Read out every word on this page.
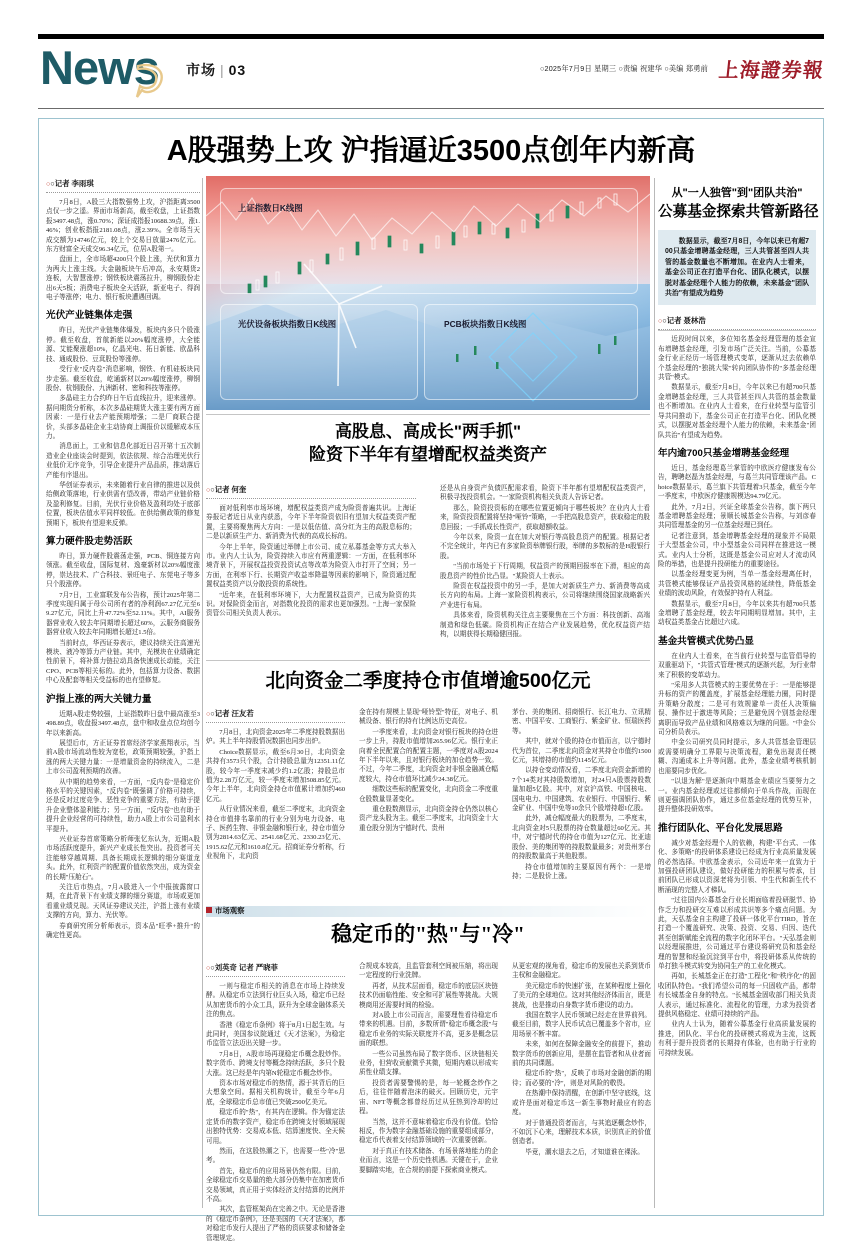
News 市场 | 03	○2025年7月9日 星期三 ○责编 祝建华 ○美编 郑勇前 上海證券報
A股强势上攻 沪指逼近3500点创年内新高
○○记者 李雨琪

7月8日，A股三大指数强势上攻，沪指距离3500点仅一步之遥。界面市场新高，截至收盘，上证指数报3497.48点，涨0.70%；深证成指报10688.39点，涨1.46%；创业板指报2181.08点，涨2.39%。全市场当天成交额为14746亿元，较上个交易日放量2476亿元。东方财富全天成交96.34亿元，位居A股第一。

盘面上，全市场超4200只个股上涨，光伏和算力为两大上涨主线。大金融板块午后冲高，永安期货2连板，大智慧涨停；钢铁板块震荡拉升，柳钢股份走出6天5板；消费电子板块全天活跃，新亚电子、得润电子等涨停；电力、银行板块遭遇回调。

光伏产业链集体走强

昨日，光伏产业链集体爆发，板块内多只个股涨停。截至收盘，首航新能以20%幅度涨停，大全能源、艾能聚涨超10%，亿晶光电、拓日新能、欧晶科技、通威股份、豆萁股份等涨停。

受行业"反内卷"消息影响，钢铁、有机硅板块同步走强。截至收盘，屹通新材以20%幅度涨停，柳钢股份、杭钢股份、九洲新材、密和科技等涨停。

多晶硅主力合约昨日午后直线拉升，迎来涨停。据问期货分析称，本次多晶硅期货大涨主要有两方面因素：一是行业去产能预期增强；二是厂商联合提价，头部多晶硅企业主动协商上调报价以缓解成本压力。

消息面上，工业和信息化部近日召开第十五次制造业企业座谈会时提到，依法依规、综合治理光伏行业低价无序竞争，引导企业提升产品品质，推动落后产能有序退出。

华创证券表示，未来随着行业自律的推进以及供给侧政策落地，行业供需有望改善，带动产业链价格及盈利修复。目前，光伏行业价格及盈利均处于底部位置，板块估值水平同样较低。在供给侧政策的修复预期下，板块有望迎来反弹。

算力硬件股走势活跃

昨日，算力硬件股震荡走强，PCB、铜连接方向领涨。截至收盘，国际复材、逸豪新材以20%幅度涨停，崇达技术、广合科技、景旺电子、东莞电子等多只个股涨停。

7月7日，工业富联发布公告称，预计2025年第二季度实现归属于母公司所有者的净利润67.27亿元至69.27亿元，同比上升47.72%至52.11%。其中，AI服务器营业收入较去年同期增长超过60%，云服务商服务器营业收入较去年同期增长超过1.5倍。

当前时点，华西证券表示，建议持续关注高速光模块、液冷等算力产业链。其中，光模块在业绩确定性前景下，将补算力链拉动具备快速成长动能，关注CPO、PCB等相关标的。此外，包括算力设备、数据中心及配套等相关受益标的也有望修复。

沪指上涨的两大关键力量

近期A股走势较强，上证指数昨日盘中最高涨至3498.89点，收盘报3497.48点，盘中和收盘点位均创今年以来新高。

展望后市，方正证券首席经济学家燕翔表示，当前A股市场流动性较为宽松，政策预期较强，沪指上涨的两大关键力量：一是增量资金的持续流入，二是上市公司盈利预期的改善。

从中期的趋势来看，一方面，"反内卷"是稳定价格水平的关键因素，"反内卷"既强调了价格可持续，还是反对过度竞争、恶性竞争的重要方法，有助于提升企业整体盈利能力；另一方面，"反内卷"也有助于提升企业经营的可持续性，助力A股上市公司盈利水平提升。

兴业证券首席策略分析师张忆东认为，近期A股市场活跃度提升，新兴产业成长性突出。投资者可关注能够穿越周期、具备长期成长逻辑的细分赛道龙头。此外，红利资产的配置价值依然突出，成为资金的长期"压舱石"。

关注后市热点，7月A股进入一个中报披露窗口期，在此背景下有业绩支撑的细分赛道，市场或更加看重业绩兑现。天风证券建议关注，沪指上涨有业绩支撑的方向，算力、光伏等。

券商研究所分析师表示，资本品"旺季+推升"的确定性更高。

上证指数日K线图
光伏设备板块指数日K线图	PCB板块指数日K线图
高股息、高成长"两手抓"
险资下半年有望增配权益类资产
○○记者 何奎

面对低利率市场环境，增配权益类资产成为险资普遍共识。上海证券报记者近日从业内获悉，今年下半年险资依旧有望加大权益类资产配置，主要将聚焦两大方向：一是以低估值、高分红为主的高股息标的；二是以新质生产力、新消费为代表的高成长标的。

今年上半年，险资通过举牌上市公司、成立私募基金等方式大举入市。业内人士认为，险资持续入市应有两重逻辑：一方面，在低利率环境背景下，开展权益投资投资试点等改革为险资入市打开了空间；另一方面，在利率下行、长期资产收益率降温等因素的影响下，险资通过配置权益类资产以分散投资的系统性。

"近年来，在低利率环境下，大力配置权益资产，已成为险资的共识。对保险资金而言，对指数化投资的需求也更加强烈。"上海一家保险资管公司相关负责人表示。

还是从自身资产负债匹配需求看，险资下半年都有望增配权益类资产，积极寻找投资机会。"一家险资机构相关负责人告诉记者。

那么，险资投资标的在哪些位置更倾向于哪些板块？在业内人士看来，险资投资配置将坚持"哑铃"策略，一手把高股息资产，获取稳定的股息回报；一手抓成长性资产，获取超额收益。

今年以来，险资一直在加大对银行等高股息资产的配置。根据记者不完全统计，年内已有多家险资举牌银行股，举牌的多数标的是H股银行股。

"当前市场处于下行周期，权益资产的预期回报率在下滑，相应的高股息资产的性价比凸显。"某险资人士表示。

险资在权益投资中的另一手，是加大对新质生产力、新消费等高成长方向的布局。上海一家险资机构表示，公司将继续围绕国家战略新兴产业进行布局。

具体来看，险资机构关注点主要聚焦在三个方面：科技创新、高端制造和绿色低碳。险资机构正在结合产业发展趋势，优化权益资产结构，以期获得长期稳健回报。

北向资金二季度持仓市值增逾500亿元
○○记者 汪友若

7月8日，北向资金2025年二季度持股数据出炉。其上半年持股情况数据也同步出炉。

Choice数据显示，截至6月30日，北向资金共持有3573只个股，合计持股总量为12351.11亿股，较今年一季度末减少约1.2亿股；持股总市值为2.28万亿元，较一季度末增加508.85亿元。今年上半年，北向资金持仓市值累计增加约460亿元。

从行业情况来看，截至二季度末，北向资金持仓市值排名靠前的行业分别为电力设备、电子、医药生物、非银金融和银行业，持仓市值分别为2814.63亿元、2541.68亿元、2330.23亿元、1915.62亿元和1610.8亿元。招商证券分析称，行业视角下，北向资

金在持有规模上显现"哑铃型"特征，对电子、机械设备、银行的持有比例达历史高位。

一季度来看，北向资金对银行板块的持仓进一步上升，持股市值增加265.96亿元。银行业正向着全民配置合的配置主题，一季度对A股2024年下半年以来，且对银行板块的加仓趋势一致。不过，今年二季度，北向资金对非银金融减仓幅度较大，持仓市值环比减少24.38亿元。

细数这些标的配置变化，北向资金二季度重仓股数量显著变化。

重仓股数测显示，北向资金持仓仍然以核心资产龙头股为主。截至二季度末，北向资金十大重仓股分别为宁德时代、贵州

茅台、美的集团、招商银行、长江电力、立讯精密、中国平安、工商银行、紫金矿业、恒瑞医药等。

其中，就对个股的持仓市值而言，以宁德时代为首位，二季度北向资金对其持仓市值约1500亿元，其增持的市值约1145亿元。

以持仓变动情况看，二季度北向资金新增的7个14类对其持股数增加，对24只A股票持股数量加超5亿股。其中，对京沪高铁、中国核电、国电电力、中国建筑、农业银行、中国银行、紫金矿业、中国中免等10余只个股增持超1亿股。

此外，减仓幅度最大的股票为，二季度末，北向资金对5只股票的持仓数量超过60亿元。其中，对宁德时代的持仓市值为127亿元、比亚迪股份、美的集团等的持股数量最多；对贵州茅台的持股数量高于其他股票。

持仓市值增加的主要原因有两个：一是增持；二是股价上涨。

市场观察
稳定币的"热"与"冷"
○○刘英奇 记者 严晓菲

一则与稳定币相关的消息在市场上持续发酵。从稳定币立法到行业巨头入场，稳定币已经从加密货币的小众工具，跃升为全球金融体系关注的焦点。

香港《稳定币条例》将于8月1日起生效。与此同时，美国参议院通过《天才法案》，为稳定币监管立法迈出关键一步。

7月8日，A股市场再现稳定币概念股炒作。数字货币、跨境支付等概念持续活跃，多只个股大涨。这已经是年内第N轮稳定币概念炒作。

资本市场对稳定币的热情，源于其背后的巨大想象空间。据相关机构统计，截至今年6月底，全球稳定币总市值已突破2500亿美元。

稳定币的"热"，有其内在逻辑。作为锚定法定货币的数字资产，稳定币在跨境支付领域展现出独特优势：交易成本低、结算速度快、全天候可用。

然而，在这股热潮之下，也需要一些"冷"思考。

首先，稳定币的应用场景仍然有限。目前，全球稳定币交易量的绝大部分仍集中在加密货币交易领域，真正用于实体经济支付结算的比例并不高。

其次，监管框架尚在完善之中。无论是香港的《稳定币条例》，还是美国的《天才法案》，都对稳定币发行人提出了严格的资质要求和储备金管理规定。

合规成本较高，且监管套利空间被压缩，将出现一定程度的行业洗牌。

再者，从技术层面看，稳定币的底层区块链技术仍面临性能、安全和可扩展性等挑战。大规模商用还需要时间的检验。

对A股上市公司而言，需要理性看待稳定币带来的机遇。目前，多数所谓"稳定币概念股"与稳定币业务的实际关联度并不高，更多是概念层面的联想。

一些公司虽然布局了数字货币、区块链相关业务，但营收贡献微乎其微，短期内难以形成实质性业绩支撑。

投资者需要警惕的是，每一轮概念炒作之后，往往伴随着泡沫的破灭。回顾历史，元宇宙、NFT等概念都曾经历过从狂热到冷却的过程。

当然，这并不意味着稳定币没有价值。恰恰相反，作为数字金融基础设施的重要组成部分，稳定币代表着支付结算领域的一次重要创新。

对于真正有技术储备、有场景落地能力的企业而言，这是一个历史性机遇。关键在于，企业要脚踏实地，在合规的前提下探索商业模式。

从更宏观的视角看，稳定币的发展也关系到货币主权和金融稳定。

美元稳定币的快速扩张，在某种程度上强化了美元的全球地位。这对其他经济体而言，既是挑战，也是推动自身数字货币建设的动力。

我国在数字人民币领域已经走在世界前列。截至目前，数字人民币试点已覆盖多个省市，应用场景不断丰富。

未来，如何在保障金融安全的前提下，推动数字货币的创新应用，是摆在监管者和从业者面前的共同课题。

稳定币的"热"，反映了市场对金融创新的期待；而必要的"冷"，则是对风险的敬畏。

在热潮中保持清醒，在创新中坚守底线，这或许是面对稳定币这一新生事物时最应有的态度。

对于普通投资者而言，与其追逐概念炒作，不如沉下心来，理解技术本质，识别真正的价值创造者。

毕竟，潮水退去之后，才知道谁在裸泳。

从"一人独管"到"团队共治"
公募基金探索共管新路径

数据显示，截至7月8日，今年以来已有超700只基金增聘基金经理，三人共管甚至四人共管的基金数量也不断增加。在业内人士看来，基金公司正在打造平台化、团队化模式，以摆脱对基金经理个人能力的依赖，未来基金"团队共治"有望成为趋势

○○记者 聂林浩

近段时间以来，多位知名基金经理管理的基金宣布增聘基金经理，引发市场广泛关注。当前，公募基金行业正经历一场管理模式变革，逐渐从过去依赖单个基金经理的"独挑大梁"转向团队协作的"多基金经理共管"模式。

数据显示，截至7月8日，今年以来已有超700只基金增聘基金经理，三人共管甚至四人共管的基金数量也不断增加。在业内人士看来，在行业转型与监管引导共同推动下，基金公司正在打造平台化、团队化模式，以摆脱对基金经理个人能力的依赖，未来基金"团队共治"有望成为趋势。

年内逾700只基金增聘基金经理

近日，基金经理葛兰掌管的中欧医疗健康发布公告，聘聘赵磊为基金经理，与葛兰共同管理该产品。Choice数据显示，葛兰旗下共管理着3只基金，截至今年一季度末，中欧医疗健康规模达94.79亿元。

此外，7月2日，兴证全球基金公告称，旗下两只基金增聘基金经理；景顺长城基金公告称，与刘彦春共同管理基金的另一位基金经理已到任。

记者注意到，基金增聘基金经理的现象并不局限于大型基金公司，中小型基金公司同样在推进这一模式。业内人士分析，这既是基金公司应对人才流动风险的举措，也是提升投研能力的重要途径。

以基金经理变更为例，当单一基金经理离任时，共管模式能够保证产品投资风格的延续性，降低基金业绩的波动风险，有效保护持有人利益。

数据显示，截至7月8日，今年以来共有超700只基金增聘了基金经理，较去年同期明显增加。其中，主动权益类基金占比超过六成。

基金共管模式优势凸显

在业内人士看来，在当前行业转型与监管倡导的双重驱动下，"共管式管理"模式的逐渐兴起，为行业带来了积极的变革动力。

"采用多人共管模式的主要优势在于：一是能够提升标的资产的覆盖度，扩展基金经理能力圈，同时提升策略分散度；二是可有效规避单一责任人决策偏误、操作过于激进等风险；三是避免因个别基金经理离职而导致产品业绩和风格难以为继的问题。"中金公司分析员表示。

中金公司研究员同时提示，多人共管基金管理层或需要明确分工界限与决策流程，避免出现责任模糊、沟通成本上升等问题。此外，基金业绩考核机制也需要同步优化。

"以退为解"是逐渐向中期基金业绩应当要努力之一。业内基金经理或过往都倾向于单兵作战，而现在则更强调团队协作，通过多位基金经理的优势互补，提升整体投研效率。

推行团队化、平台化发展思路

减少对基金经理个人的依赖，构建"平台式、一体化、多策略"的投研体系建设已经成为行业高质量发展的必然选择。中欧基金表示，公司近年来一直致力于加强投研团队建设，做好投研能力的积累与传承，目前团队已形成以资深老将为引领、中生代和新生代不断涌现的完整人才梯队。

"过往国内公募基金行业长期面临着投研脱节、协作乏力和投研交互难以形成共识等多个痛点问题。为此，天弘基金自主构建了投研一体化平台TIRD，旨在打造一个覆盖研究、决策、投资、交易、归因、迭代甚至创新赋能全流程的数字化闭环平台。"天弘基金则以经理展推进，公司通过平台建设将研究员和基金经理的智慧和经验沉淀到平台中，将投研体系从传统的单打独斗模式转变为协同生产的工业化模式。

再如，长城基金正在打造"工程化"和"秩序化"的固收团队特色。"我们希望公司的每一只固收产品，都带有长城基金自身的特点。"长城基金固收部门相关负责人表示，通过标准化、流程化的管理，力求为投资者提供风格稳定、业绩可持续的产品。

业内人士认为，随着公募基金行业高质量发展的推进，团队化、平台化的投研模式将成为主流，这既有利于提升投资者的长期持有体验，也有助于行业的可持续发展。
